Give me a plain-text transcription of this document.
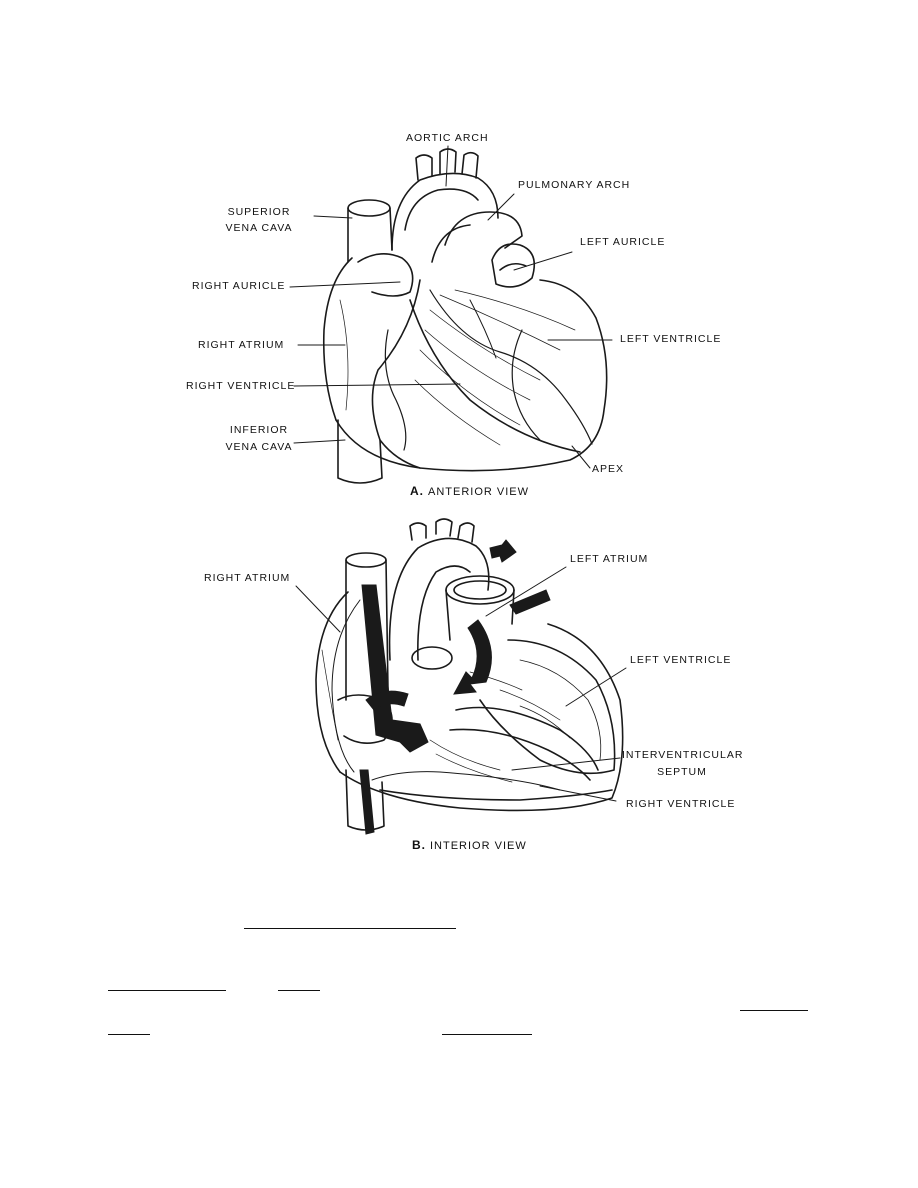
AORTIC ARCH
PULMONARY ARCH
SUPERIOR
VENA CAVA
LEFT AURICLE
RIGHT AURICLE
RIGHT ATRIUM	LEFT VENTRICLE
RIGHT VENTRICLE
INFERIOR
VENA CAVA
APEX
A. ANTERIOR VIEW
RIGHT ATRIUM
LEFT ATRIUM
LEFT VENTRICLE
INTERVENTRICULAR
SEPTUM
RIGHT VENTRICLE
B. INTERIOR VIEW
